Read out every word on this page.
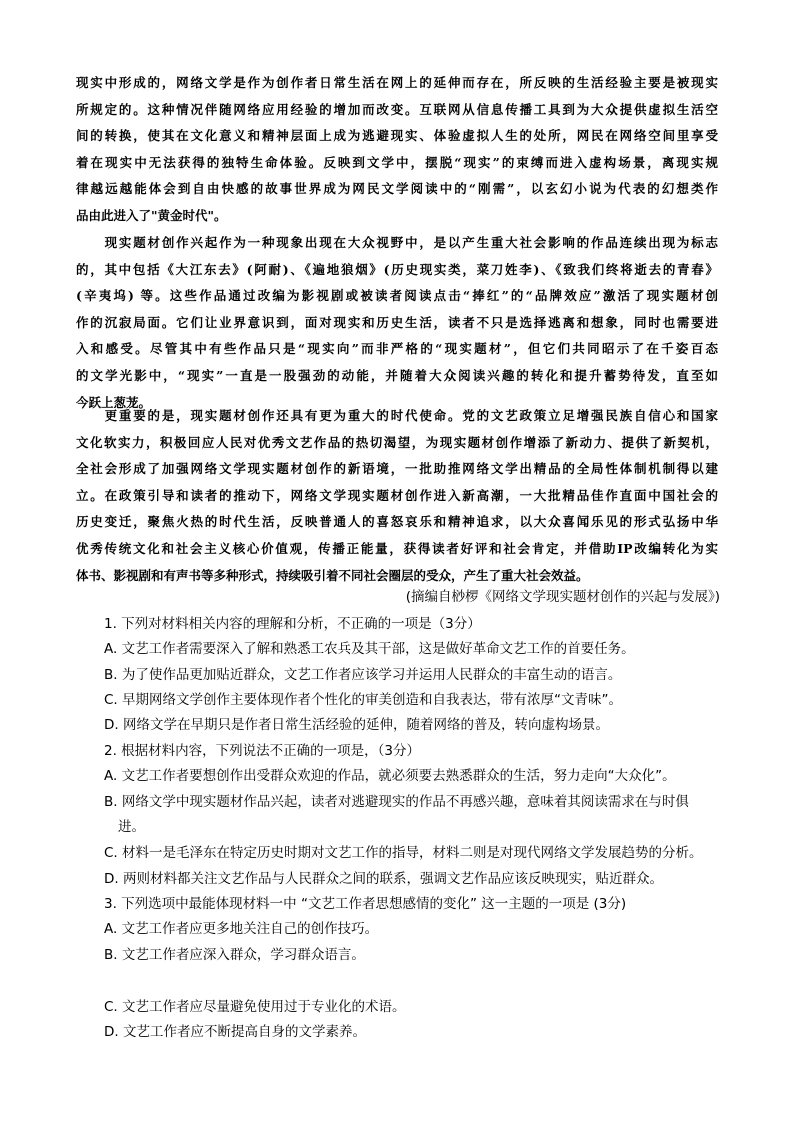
现实中形成的，网络文学是作为创作者日常生活在网上的延伸而存在，所反映的生活经验主要是被现实
所规定的。这种情况伴随网络应用经验的增加而改变。互联网从信息传播工具到为大众提供虚拟生活空
间的转换，使其在文化意义和精神层面上成为逃避现实、体验虚拟人生的处所，网民在网络空间里享受
着在现实中无法获得的独特生命体验。反映到文学中，摆脱“现实”的束缚而进入虚构场景，离现实规
律越远越能体会到自由快感的故事世界成为网民文学阅读中的“刚需”，以玄幻小说为代表的幻想类作
品由此进入了"黄金时代"。
　　现实题材创作兴起作为一种现象出现在大众视野中，是以产生重大社会影响的作品连续出现为标志
的，其中包括《大江东去》(阿耐)、《遍地狼烟》(历史现实类，菜刀姓李)、《致我们终将逝去的青春》
(辛夷坞) 等。这些作品通过改编为影视剧或被读者阅读点击“捧红”的“品牌效应”激活了现实题材创
作的沉寂局面。它们让业界意识到，面对现实和历史生活，读者不只是选择逃离和想象，同时也需要进
入和感受。尽管其中有些作品只是“现实向”而非严格的“现实题材”，但它们共同昭示了在千姿百态
的文学光影中，“现实”一直是一股强劲的动能，并随着大众阅读兴趣的转化和提升蓄势待发，直至如
今跃上葱茏。
　　更重要的是，现实题材创作还具有更为重大的时代使命。党的文艺政策立足增强民族自信心和国家
文化软实力，积极回应人民对优秀文艺作品的热切渴望，为现实题材创作增添了新动力、提供了新契机，
全社会形成了加强网络文学现实题材创作的新语境，一批助推网络文学出精品的全局性体制机制得以建
立。在政策引导和读者的推动下，网络文学现实题材创作进入新高潮，一大批精品佳作直面中国社会的
历史变迁，聚焦火热的时代生活，反映普通人的喜怒哀乐和精神追求，以大众喜闻乐见的形式弘扬中华
优秀传统文化和社会主义核心价值观，传播正能量，获得读者好评和社会肯定，并借助IP改编转化为实
体书、影视剧和有声书等多种形式，持续吸引着不同社会圈层的受众，产生了重大社会效益。
(摘编自桫椤《网络文学现实题材创作的兴起与发展》)
1. 下列对材料相关内容的理解和分析，不正确的一项是（3分）
A. 文艺工作者需要深入了解和熟悉工农兵及其干部，这是做好革命文艺工作的首要任务。
B. 为了使作品更加贴近群众，文艺工作者应该学习并运用人民群众的丰富生动的语言。
C. 早期网络文学创作主要体现作者个性化的审美创造和自我表达，带有浓厚“文青味”。
D. 网络文学在早期只是作者日常生活经验的延伸，随着网络的普及，转向虚构场景。
2. 根据材料内容，下列说法不正确的一项是，（3分）
A. 文艺工作者要想创作出受群众欢迎的作品，就必须要去熟悉群众的生活，努力走向“大众化”。
B. 网络文学中现实题材作品兴起，读者对逃避现实的作品不再感兴趣，意味着其阅读需求在与时俱
进。
C. 材料一是毛泽东在特定历史时期对文艺工作的指导，材料二则是对现代网络文学发展趋势的分析。
D. 两则材料都关注文艺作品与人民群众之间的联系，强调文艺作品应该反映现实，贴近群众。
3. 下列选项中最能体现材料一中 “文艺工作者思想感情的变化” 这一主题的一项是 (3分)
A. 文艺工作者应更多地关注自己的创作技巧。
B. 文艺工作者应深入群众，学习群众语言。
C. 文艺工作者应尽量避免使用过于专业化的术语。
D. 文艺工作者应不断提高自身的文学素养。
